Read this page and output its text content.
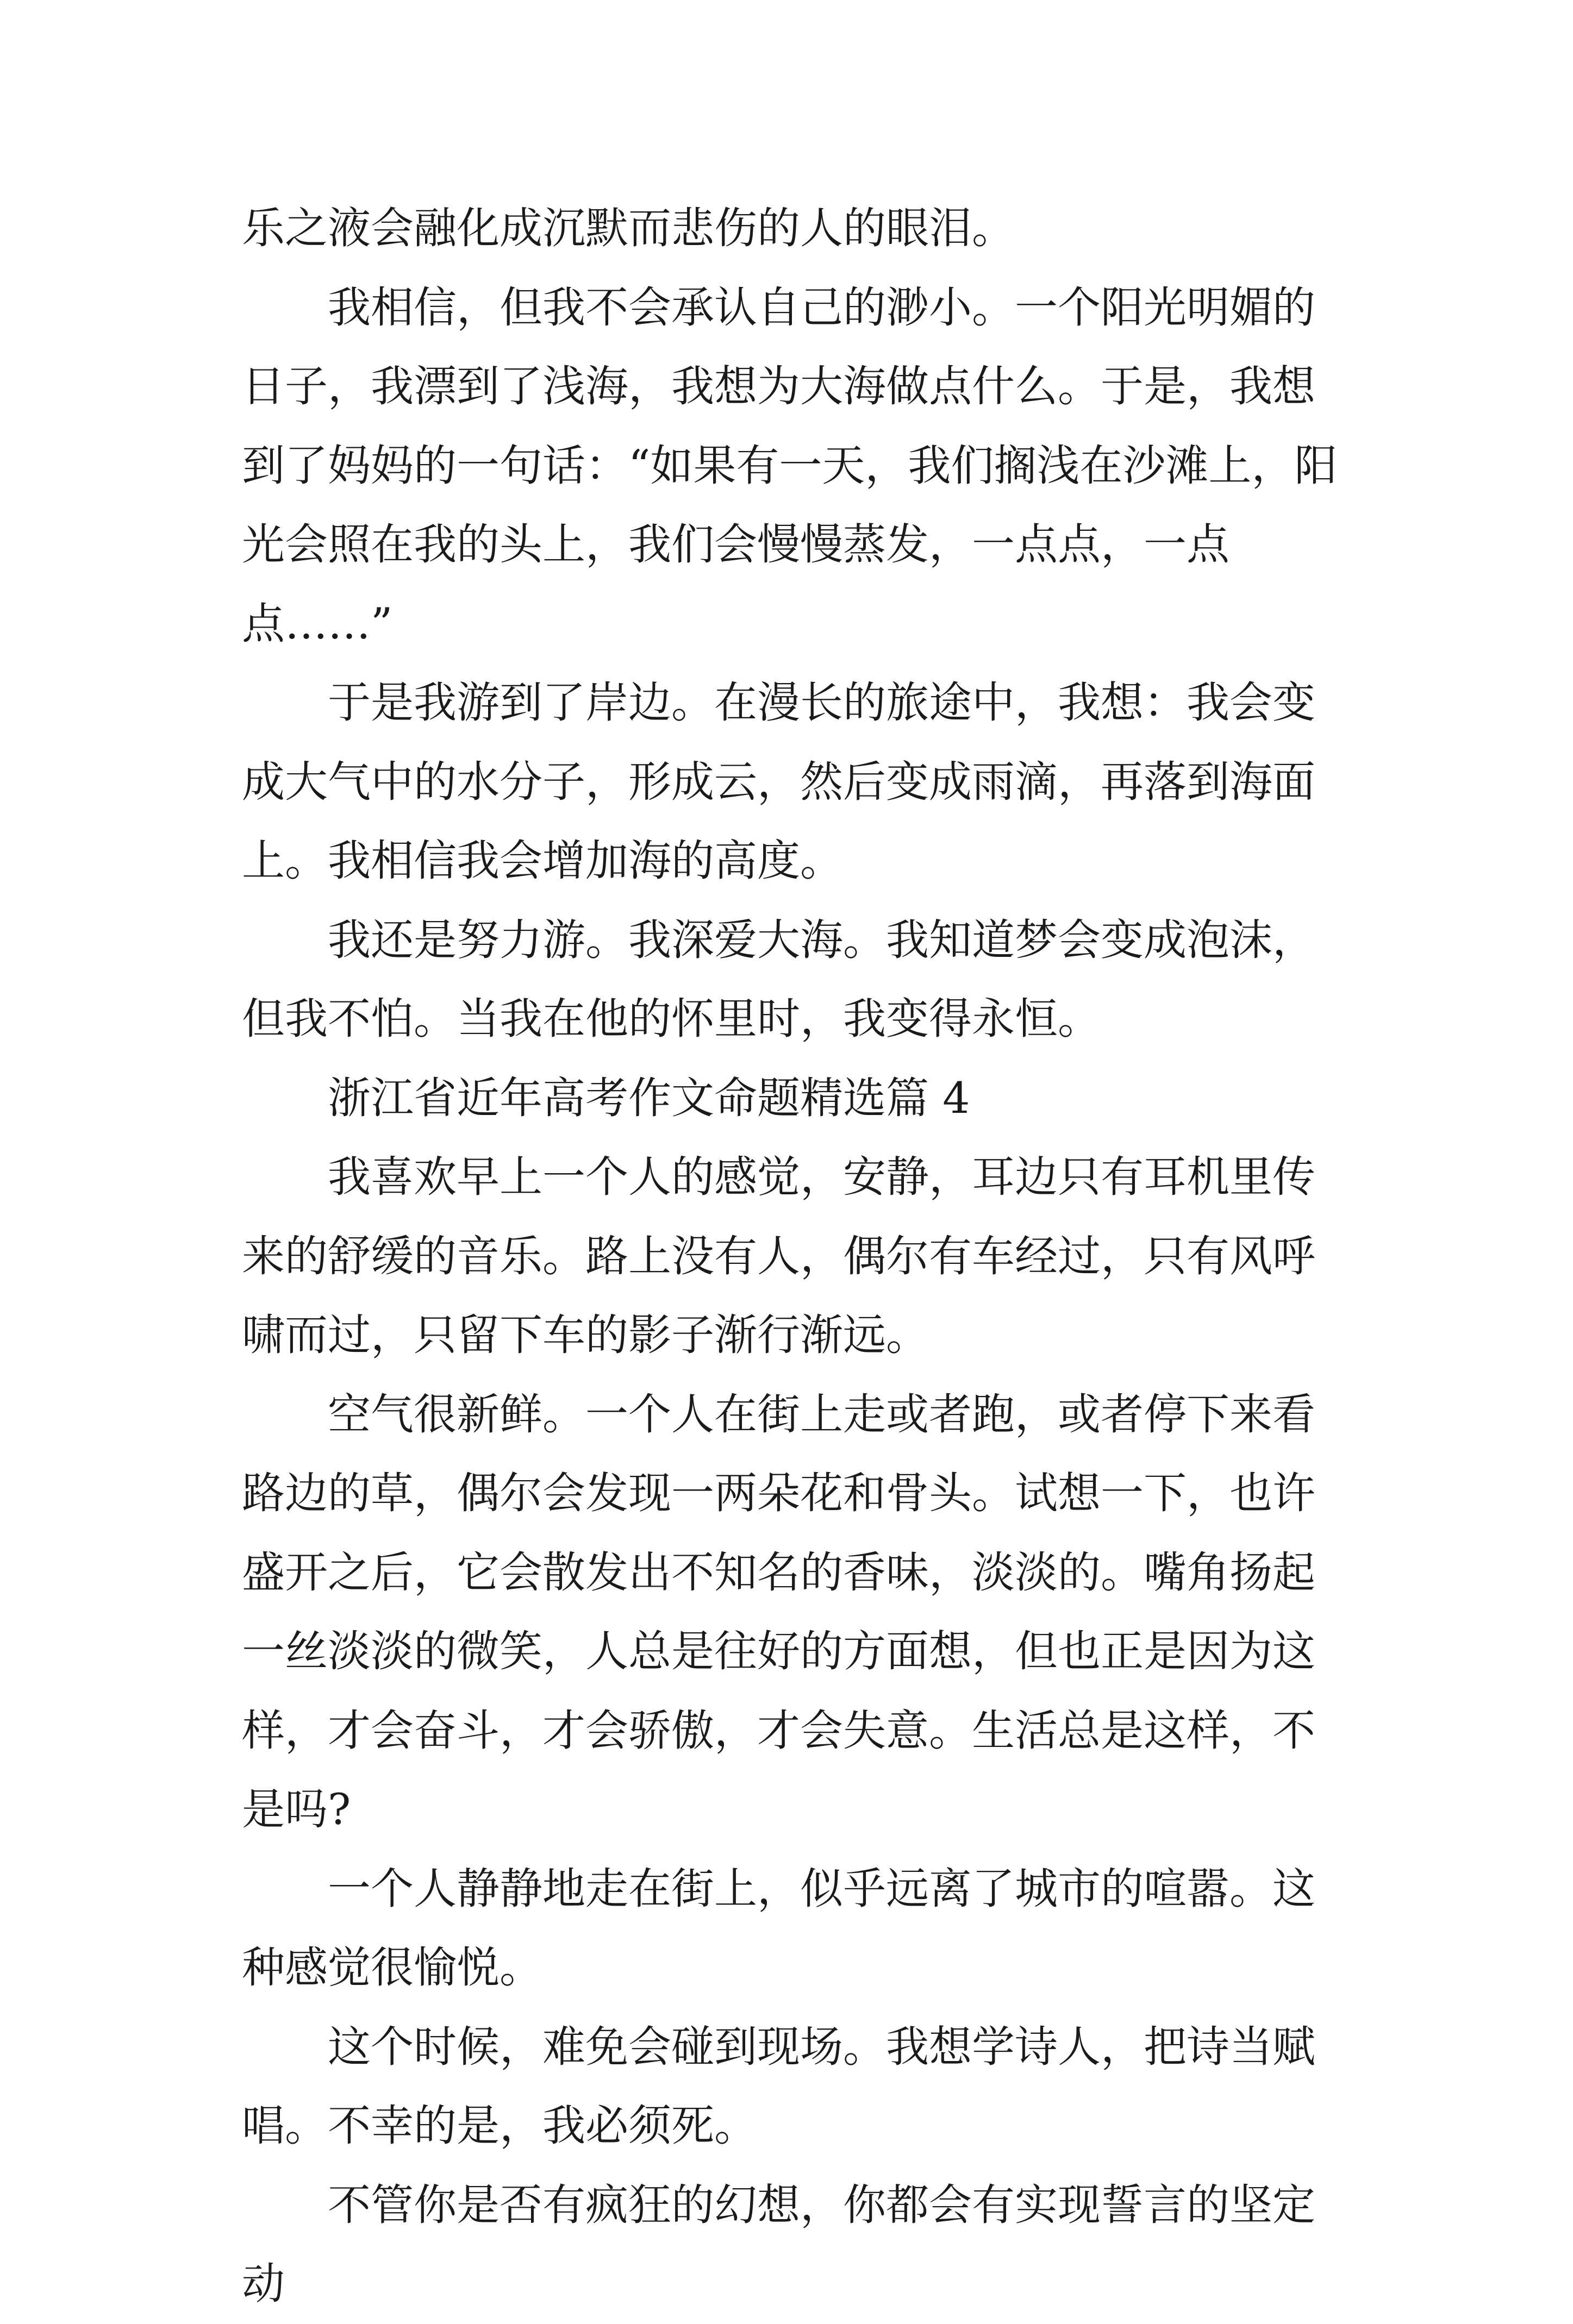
乐之液会融化成沉默而悲伤的人的眼泪。

我相信，但我不会承认自己的渺小。一个阳光明媚的日子，我漂到了浅海，我想为大海做点什么。于是，我想到了妈妈的一句话：“如果有一天，我们搁浅在沙滩上，阳光会照在我的头上，我们会慢慢蒸发，一点点，一点点……”

于是我游到了岸边。在漫长的旅途中，我想：我会变成大气中的水分子，形成云，然后变成雨滴，再落到海面上。我相信我会增加海的高度。

我还是努力游。我深爱大海。我知道梦会变成泡沫，但我不怕。当我在他的怀里时，我变得永恒。

浙江省近年高考作文命题精选篇 4

我喜欢早上一个人的感觉，安静，耳边只有耳机里传来的舒缓的音乐。路上没有人，偶尔有车经过，只有风呼啸而过，只留下车的影子渐行渐远。

空气很新鲜。一个人在街上走或者跑，或者停下来看路边的草，偶尔会发现一两朵花和骨头。试想一下，也许盛开之后，它会散发出不知名的香味，淡淡的。嘴角扬起一丝淡淡的微笑，人总是往好的方面想，但也正是因为这样，才会奋斗，才会骄傲，才会失意。生活总是这样，不是吗?

一个人静静地走在街上，似乎远离了城市的喧嚣。这种感觉很愉悦。

这个时候，难免会碰到现场。我想学诗人，把诗当赋唱。不幸的是，我必须死。

不管你是否有疯狂的幻想，你都会有实现誓言的坚定动
